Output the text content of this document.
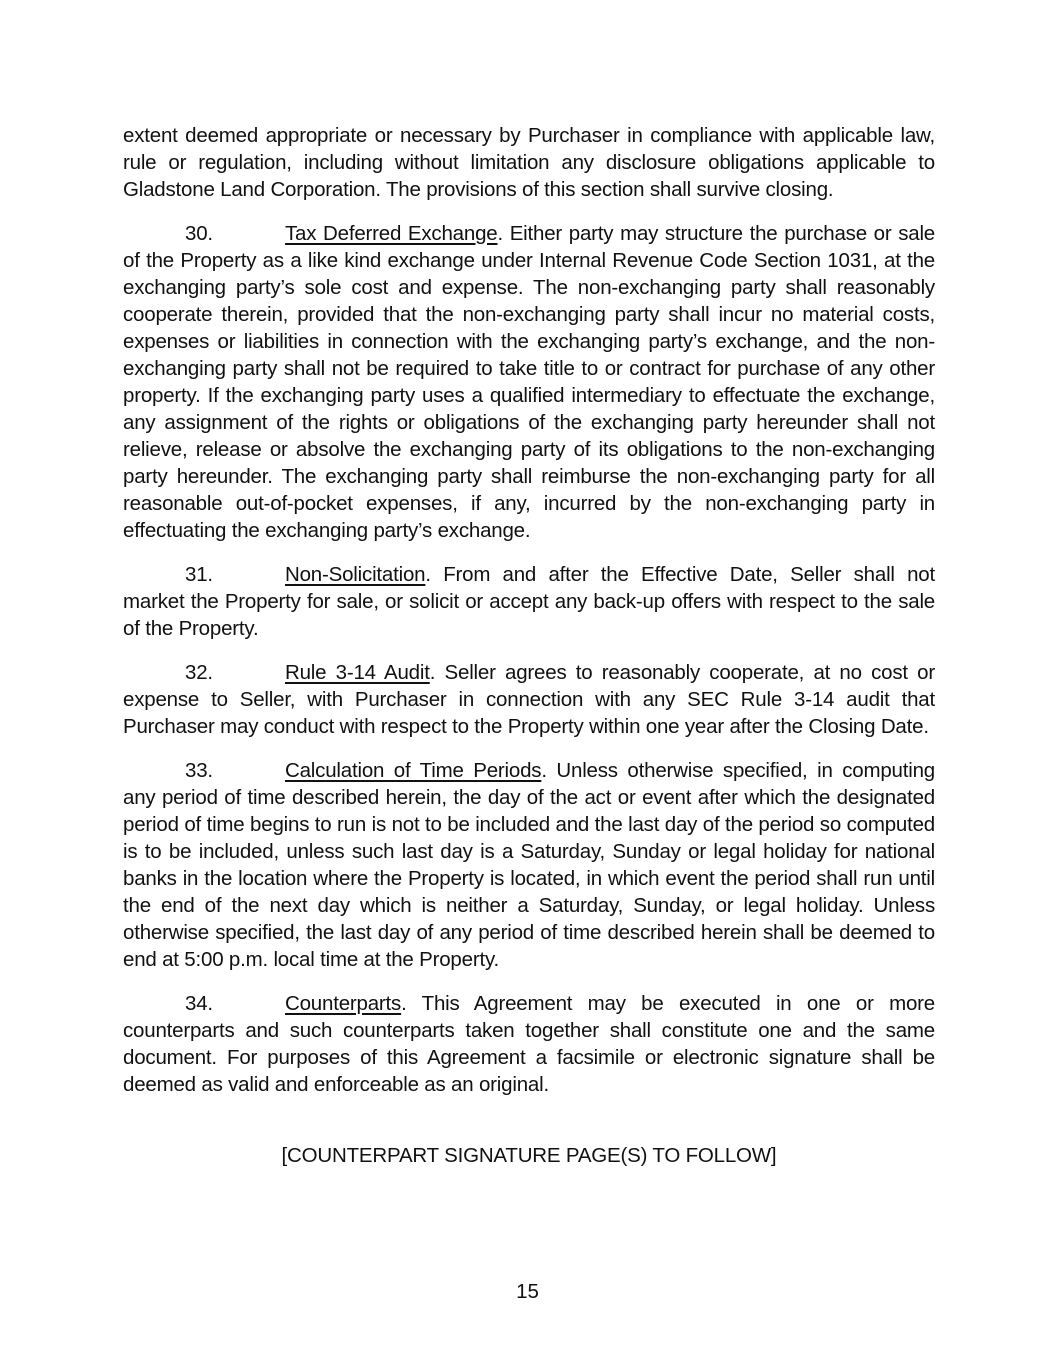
extent deemed appropriate or necessary by Purchaser in compliance with applicable law, rule or regulation, including without limitation any disclosure obligations applicable to Gladstone Land Corporation. The provisions of this section shall survive closing.

30.	Tax Deferred Exchange. Either party may structure the purchase or sale of the Property as a like kind exchange under Internal Revenue Code Section 1031, at the exchanging party’s sole cost and expense. The non-exchanging party shall reasonably cooperate therein, provided that the non-exchanging party shall incur no material costs, expenses or liabilities in connection with the exchanging party’s exchange, and the non-exchanging party shall not be required to take title to or contract for purchase of any other property. If the exchanging party uses a qualified intermediary to effectuate the exchange, any assignment of the rights or obligations of the exchanging party hereunder shall not relieve, release or absolve the exchanging party of its obligations to the non-exchanging party hereunder. The exchanging party shall reimburse the non-exchanging party for all reasonable out-of-pocket expenses, if any, incurred by the non-exchanging party in effectuating the exchanging party’s exchange.

31.	Non-Solicitation. From and after the Effective Date, Seller shall not market the Property for sale, or solicit or accept any back-up offers with respect to the sale of the Property.

32.	Rule 3-14 Audit. Seller agrees to reasonably cooperate, at no cost or expense to Seller, with Purchaser in connection with any SEC Rule 3-14 audit that Purchaser may conduct with respect to the Property within one year after the Closing Date.

33.	Calculation of Time Periods. Unless otherwise specified, in computing any period of time described herein, the day of the act or event after which the designated period of time begins to run is not to be included and the last day of the period so computed is to be included, unless such last day is a Saturday, Sunday or legal holiday for national banks in the location where the Property is located, in which event the period shall run until the end of the next day which is neither a Saturday, Sunday, or legal holiday. Unless otherwise specified, the last day of any period of time described herein shall be deemed to end at 5:00 p.m. local time at the Property.

34.	Counterparts. This Agreement may be executed in one or more counterparts and such counterparts taken together shall constitute one and the same document. For purposes of this Agreement a facsimile or electronic signature shall be deemed as valid and enforceable as an original.

[COUNTERPART SIGNATURE PAGE(S) TO FOLLOW]

15
